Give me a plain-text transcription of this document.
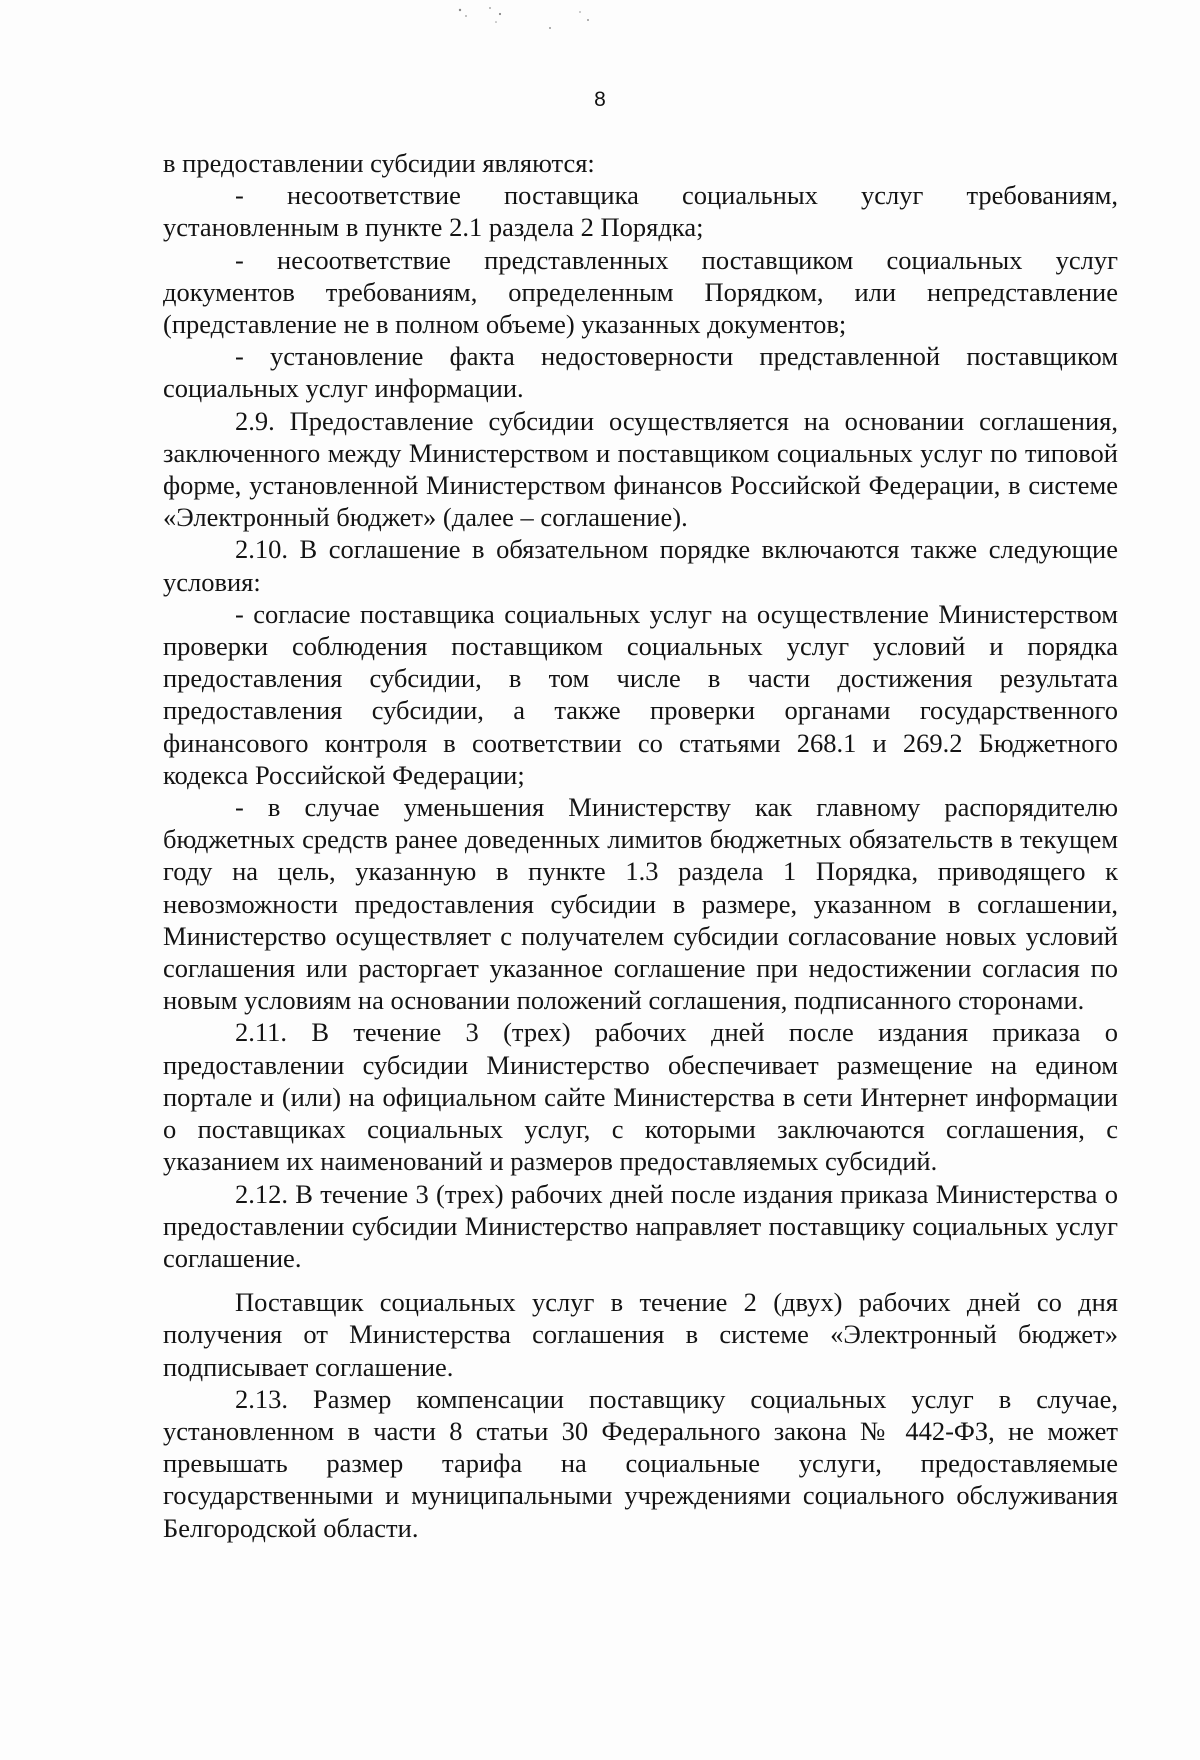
8

в предоставлении субсидии являются:

- несоответствие поставщика социальных услуг требованиям, установленным в пункте 2.1 раздела 2 Порядка;

- несоответствие представленных поставщиком социальных услуг документов требованиям, определенным Порядком, или непредставление (представление не в полном объеме) указанных документов;

- установление факта недостоверности представленной поставщиком социальных услуг информации.

2.9. Предоставление субсидии осуществляется на основании соглашения, заключенного между Министерством и поставщиком социальных услуг по типовой форме, установленной Министерством финансов Российской Федерации, в системе «Электронный бюджет» (далее – соглашение).

2.10. В соглашение в обязательном порядке включаются также следующие условия:

- согласие поставщика социальных услуг на осуществление Министерством проверки соблюдения поставщиком социальных услуг условий и порядка предоставления субсидии, в том числе в части достижения результата предоставления субсидии, а также проверки органами государственного финансового контроля в соответствии со статьями 268.1 и 269.2 Бюджетного кодекса Российской Федерации;

- в случае уменьшения Министерству как главному распорядителю бюджетных средств ранее доведенных лимитов бюджетных обязательств в текущем году на цель, указанную в пункте 1.3 раздела 1 Порядка, приводящего к невозможности предоставления субсидии в размере, указанном в соглашении, Министерство осуществляет с получателем субсидии согласование новых условий соглашения или расторгает указанное соглашение при недостижении согласия по новым условиям на основании положений соглашения, подписанного сторонами.

2.11. В течение 3 (трех) рабочих дней после издания приказа о предоставлении субсидии Министерство обеспечивает размещение на едином портале и (или) на официальном сайте Министерства в сети Интернет информации о поставщиках социальных услуг, с которыми заключаются соглашения, с указанием их наименований и размеров предоставляемых субсидий.

2.12. В течение 3 (трех) рабочих дней после издания приказа Министерства о предоставлении субсидии Министерство направляет поставщику социальных услуг соглашение.

Поставщик социальных услуг в течение 2 (двух) рабочих дней со дня получения от Министерства соглашения в системе «Электронный бюджет» подписывает соглашение.

2.13. Размер компенсации поставщику социальных услуг в случае, установленном в части 8 статьи 30 Федерального закона № 442-ФЗ, не может превышать размер тарифа на социальные услуги, предоставляемые государственными и муниципальными учреждениями социального обслуживания Белгородской области.
